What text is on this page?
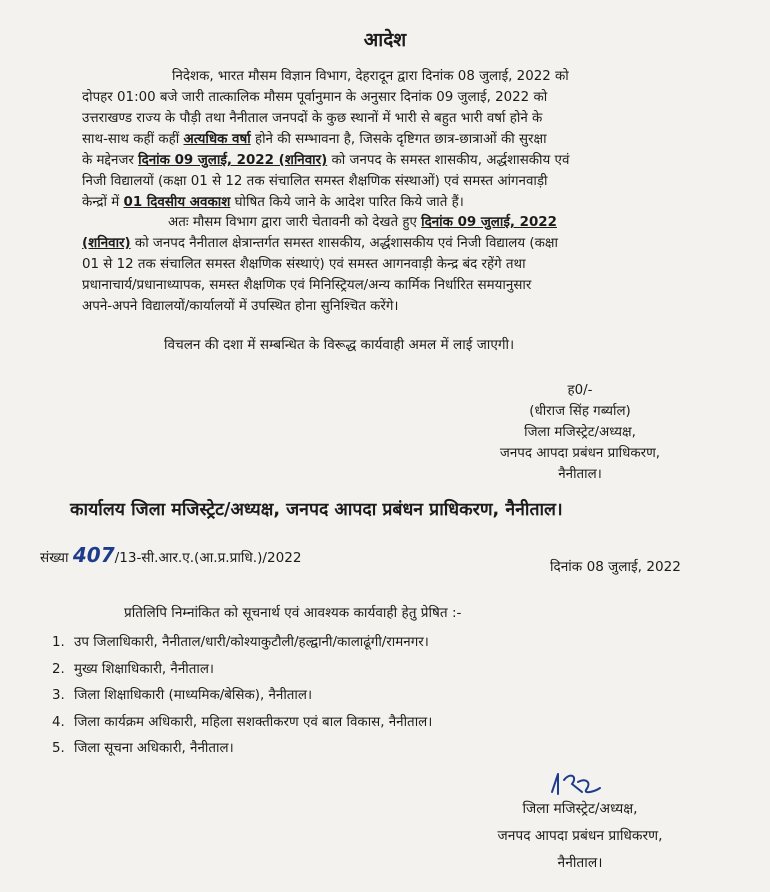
आदेश
निदेशक, भारत मौसम विज्ञान विभाग, देहरादून द्वारा दिनांक 08 जुलाई, 2022 को
दोपहर 01:00 बजे जारी तात्कालिक मौसम पूर्वानुमान के अनुसार दिनांक 09 जुलाई, 2022 को
उत्तराखण्ड राज्य के पौड़ी तथा नैनीताल जनपदों के कुछ स्थानों में भारी से बहुत भारी वर्षा होने के
साथ-साथ कहीं कहीं अत्यधिक वर्षा होने की सम्भावना है, जिसके दृष्टिगत छात्र-छात्राओं की सुरक्षा
के मद्देनजर दिनांक 09 जुलाई, 2022 (शनिवार) को जनपद के समस्त शासकीय, अर्द्धशासकीय एवं
निजी विद्यालयों (कक्षा 01 से 12 तक संचालित समस्त शैक्षणिक संस्थाओं) एवं समस्त आंगनवाड़ी
केन्द्रों में 01 दिवसीय अवकाश घोषित किये जाने के आदेश पारित किये जाते हैं।
अतः मौसम विभाग द्वारा जारी चेतावनी को देखते हुए दिनांक 09 जुलाई, 2022
(शनिवार) को जनपद नैनीताल क्षेत्रान्तर्गत समस्त शासकीय, अर्द्धशासकीय एवं निजी विद्यालय (कक्षा
01 से 12 तक संचालित समस्त शैक्षणिक संस्थाएं) एवं समस्त आगनवाड़ी केन्द्र बंद रहेंगे तथा
प्रधानाचार्य/प्रधानाध्यापक, समस्त शैक्षणिक एवं मिनिस्ट्रियल/अन्य कार्मिक निर्धारित समयानुसार
अपने-अपने विद्यालयों/कार्यालयों में उपस्थित होना सुनिश्चित करेंगे।
विचलन की दशा में सम्बन्धित के विरूद्ध कार्यवाही अमल में लाई जाएगी।
ह0/-
(धीराज सिंह गर्ब्याल)
जिला मजिस्ट्रेट/अध्यक्ष,
जनपद आपदा प्रबंधन प्राधिकरण,
नैनीताल।
कार्यालय जिला मजिस्ट्रेट/अध्यक्ष, जनपद आपदा प्रबंधन प्राधिकरण, नैनीताल।
संख्या 407/13-सी.आर.ए.(आ.प्र.प्राधि.)/2022
दिनांक 08 जुलाई, 2022
प्रतिलिपि निम्नांकित को सूचनार्थ एवं आवश्यक कार्यवाही हेतु प्रेषित :-
1. उप जिलाधिकारी, नैनीताल/धारी/कोश्याकुटौली/हल्द्वानी/कालाढूंगी/रामनगर।
2. मुख्य शिक्षाधिकारी, नैनीताल।
3. जिला शिक्षाधिकारी (माध्यमिक/बेसिक), नैनीताल।
4. जिला कार्यक्रम अधिकारी, महिला सशक्तीकरण एवं बाल विकास, नैनीताल।
5. जिला सूचना अधिकारी, नैनीताल।
जिला मजिस्ट्रेट/अध्यक्ष,
जनपद आपदा प्रबंधन प्राधिकरण,
नैनीताल।
